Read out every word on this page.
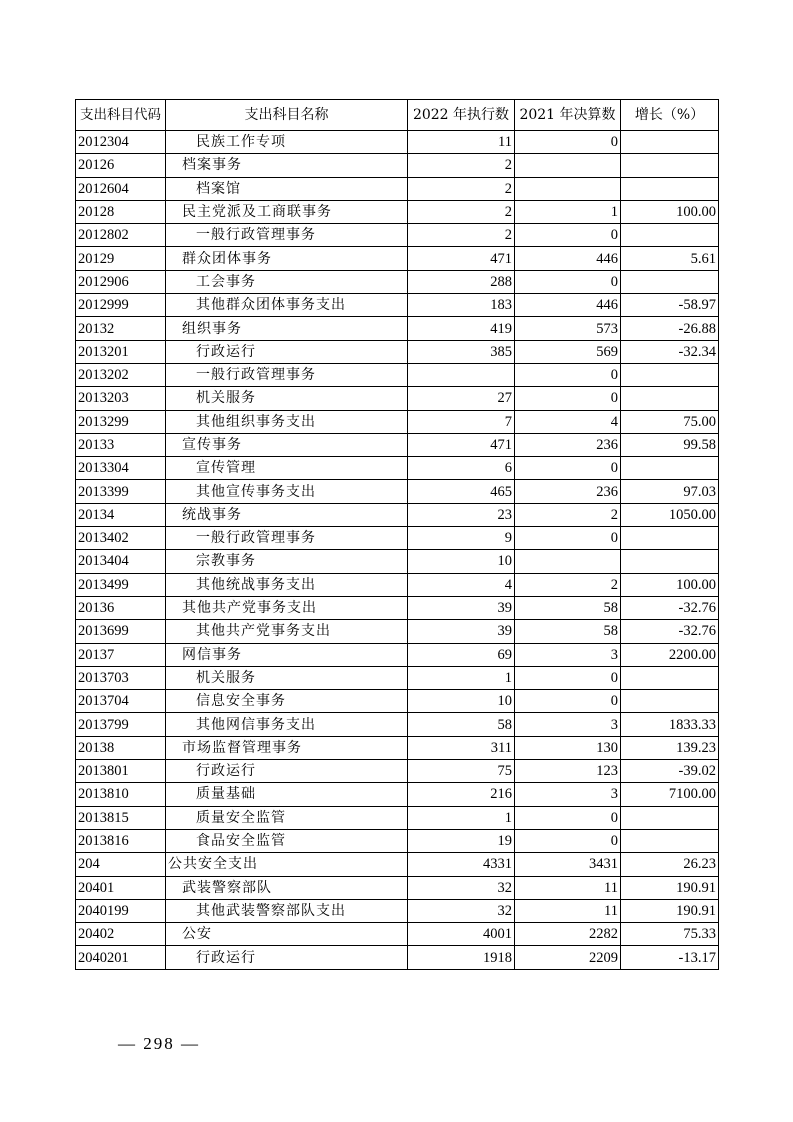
支出科目代码	支出科目名称	2022 年执行数	2021 年决算数	增长（%）
2012304	民族工作专项	11	0	
20126	档案事务	2		
2012604	档案馆	2		
20128	民主党派及工商联事务	2	1	100.00
2012802	一般行政管理事务	2	0	
20129	群众团体事务	471	446	5.61
2012906	工会事务	288	0	
2012999	其他群众团体事务支出	183	446	-58.97
20132	组织事务	419	573	-26.88
2013201	行政运行	385	569	-32.34
2013202	一般行政管理事务		0	
2013203	机关服务	27	0	
2013299	其他组织事务支出	7	4	75.00
20133	宣传事务	471	236	99.58
2013304	宣传管理	6	0	
2013399	其他宣传事务支出	465	236	97.03
20134	统战事务	23	2	1050.00
2013402	一般行政管理事务	9	0	
2013404	宗教事务	10		
2013499	其他统战事务支出	4	2	100.00
20136	其他共产党事务支出	39	58	-32.76
2013699	其他共产党事务支出	39	58	-32.76
20137	网信事务	69	3	2200.00
2013703	机关服务	1	0	
2013704	信息安全事务	10	0	
2013799	其他网信事务支出	58	3	1833.33
20138	市场监督管理事务	311	130	139.23
2013801	行政运行	75	123	-39.02
2013810	质量基础	216	3	7100.00
2013815	质量安全监管	1	0	
2013816	食品安全监管	19	0	
204	公共安全支出	4331	3431	26.23
20401	武装警察部队	32	11	190.91
2040199	其他武装警察部队支出	32	11	190.91
20402	公安	4001	2282	75.33
2040201	行政运行	1918	2209	-13.17
— 298 —
